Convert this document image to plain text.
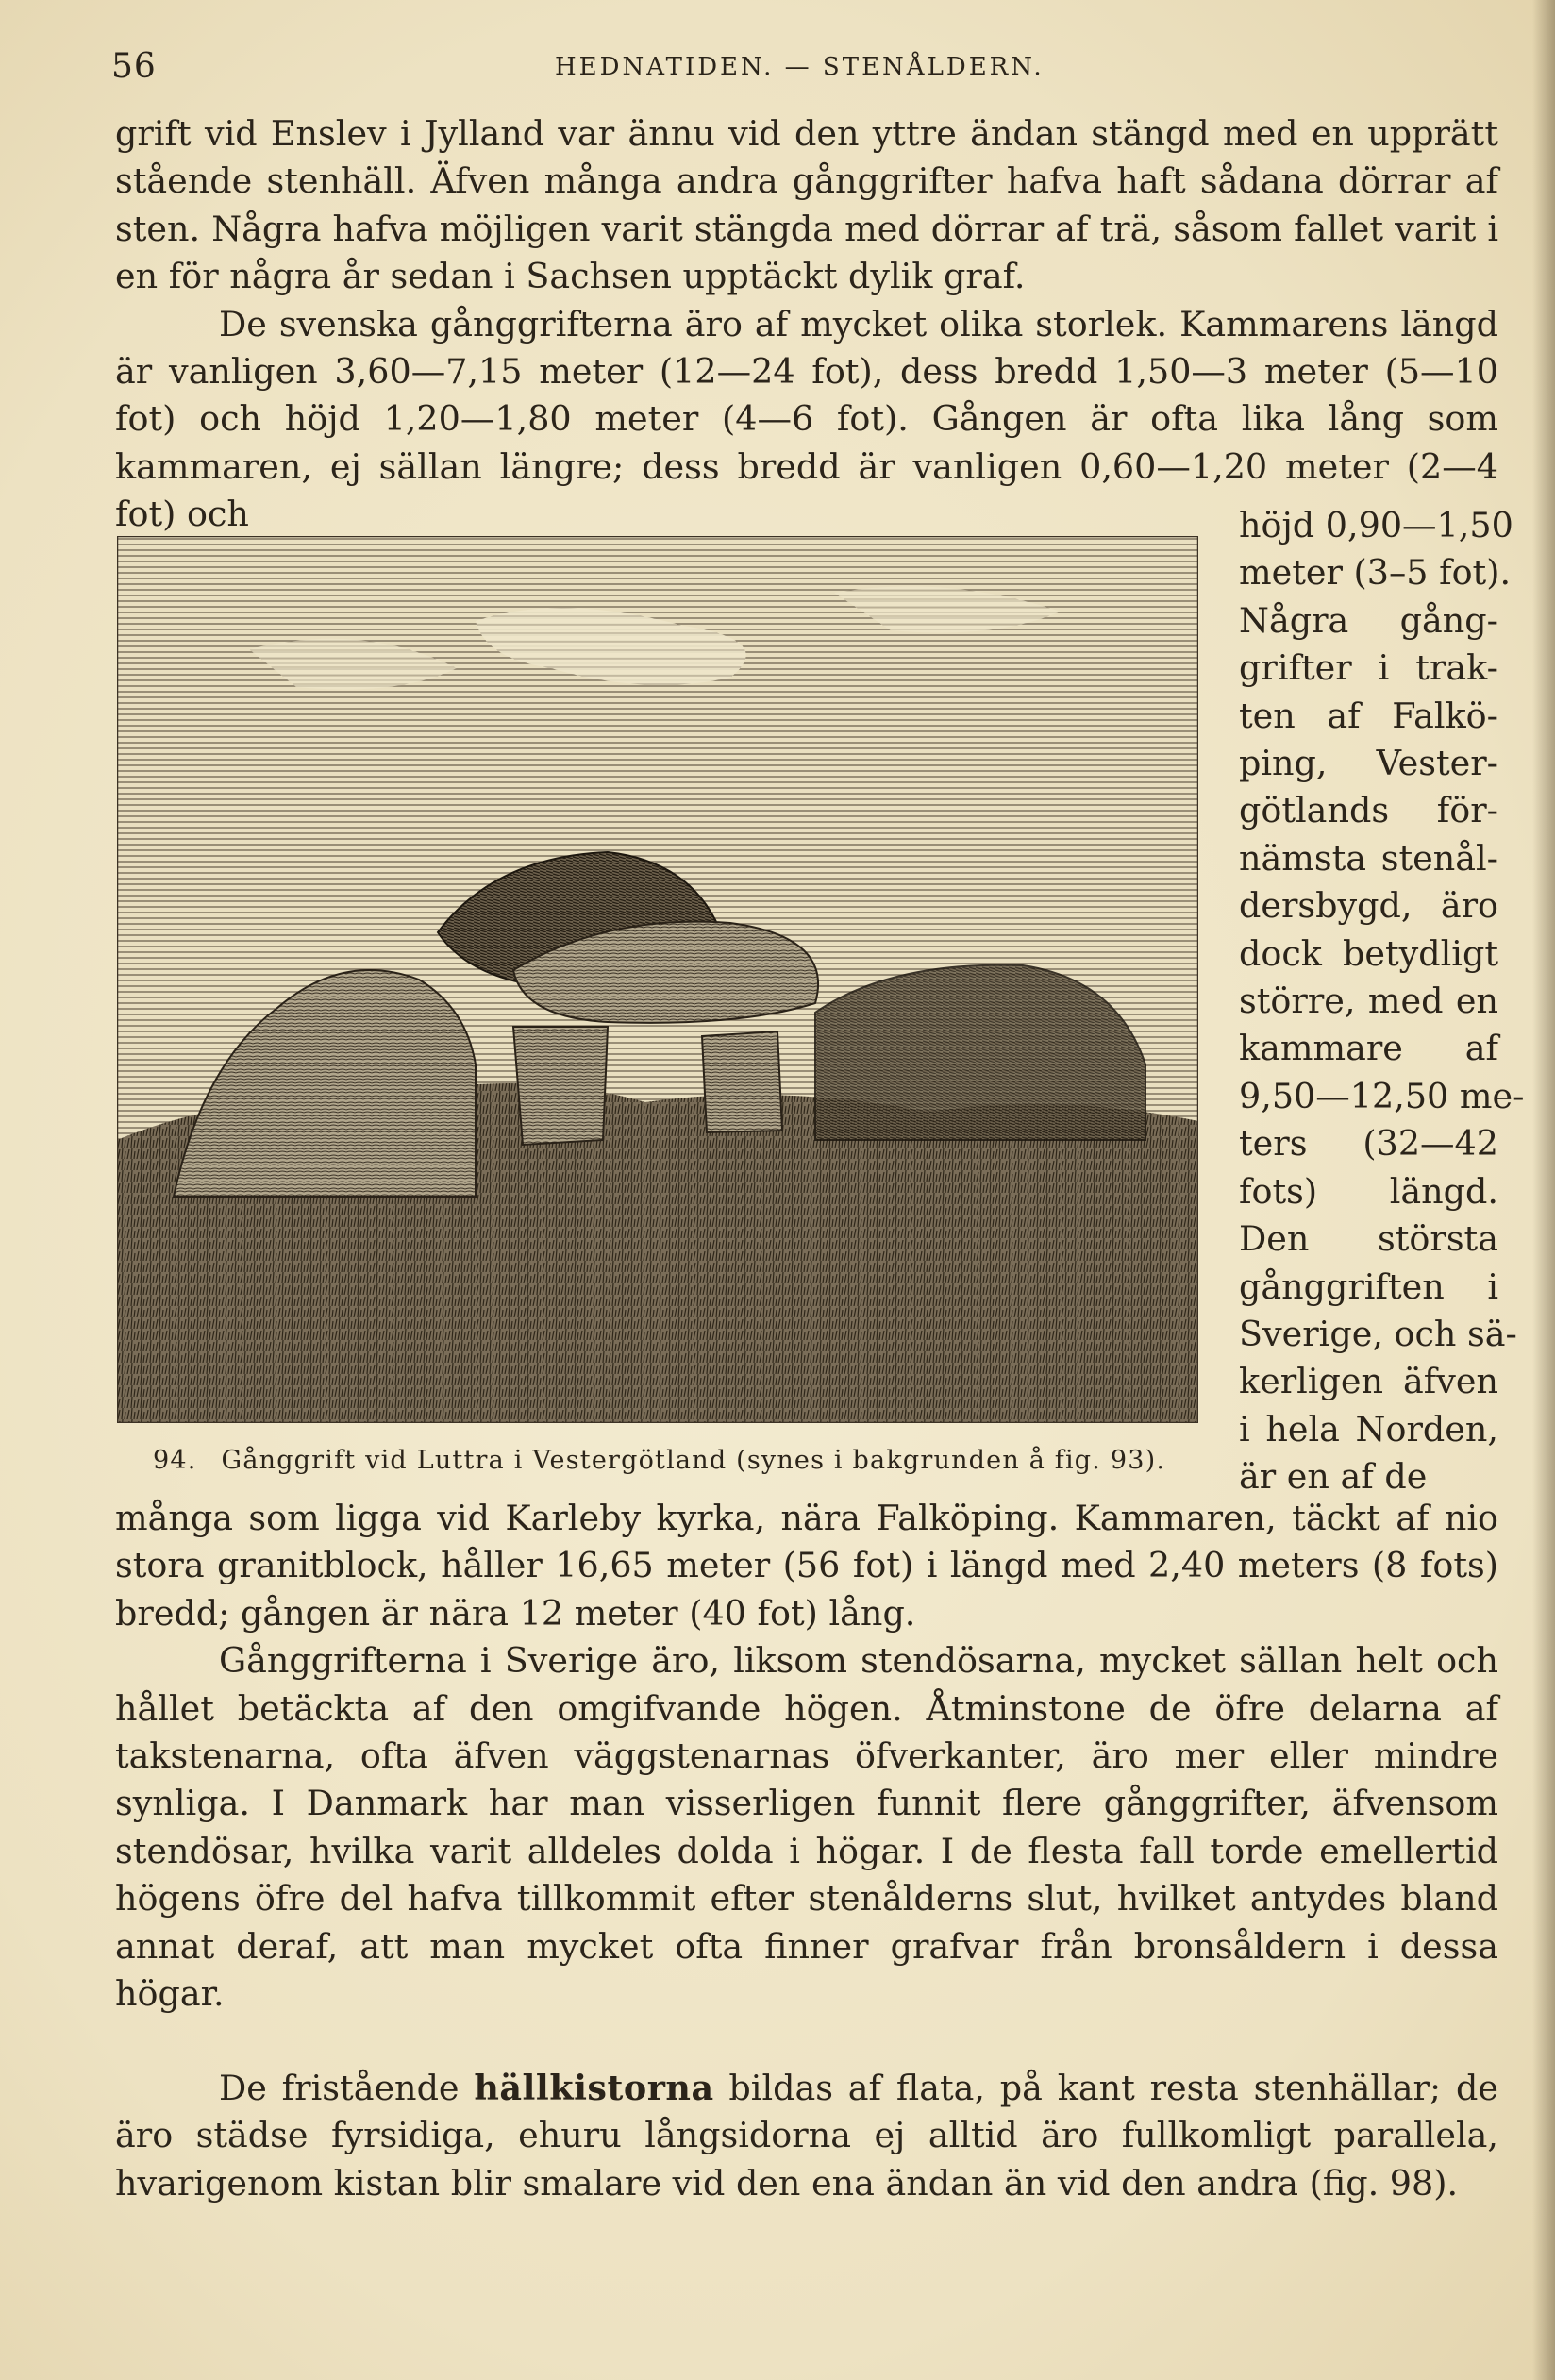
56	HEDNATIDEN. — STENÅLDERN.

grift vid Enslev i Jylland var ännu vid den yttre ändan stängd med en upprätt stående stenhäll. Äfven många andra gånggrifter hafva haft sådana dörrar af sten. Några hafva möjligen varit stängda med dörrar af trä, såsom fallet varit i en för några år sedan i Sachsen upptäckt dylik graf.

De svenska gånggrifterna äro af mycket olika storlek. Kammarens längd är vanligen 3,60—7,15 meter (12—24 fot), dess bredd 1,50—3 meter (5—10 fot) och höjd 1,20—1,80 meter (4—6 fot). Gången är ofta lika lång som kammaren, ej sällan längre; dess bredd är vanligen 0,60—1,20 meter (2—4 fot) och	höjd 0,90—1,50
meter (3–5 fot).
Några gång-
grifter i trak-
ten af Falkö-
ping, Vester-
götlands för-
nämsta stenål-
dersbygd, äro
dock betydligt
större, med en
kammare af
9,50—12,50 me-
ters (32—42
fots) längd.
Den största
gånggriften i
Sverige, och sä-
kerligen äfven
i hela Norden,
är en af de
94. Gånggrift vid Luttra i Vestergötland (synes i bakgrunden å fig. 93).

många som ligga vid Karleby kyrka, nära Falköping. Kammaren, täckt af nio stora granitblock, håller 16,65 meter (56 fot) i längd med 2,40 meters (8 fots) bredd; gången är nära 12 meter (40 fot) lång.

Gånggrifterna i Sverige äro, liksom stendösarna, mycket sällan helt och hållet betäckta af den omgifvande högen. Åtminstone de öfre delarna af takstenarna, ofta äfven väggstenarnas öfverkanter, äro mer eller mindre synliga. I Danmark har man visserligen funnit flere gånggrifter, äfvensom stendösar, hvilka varit alldeles dolda i högar. I de flesta fall torde emellertid högens öfre del hafva tillkommit efter stenålderns slut, hvilket antydes bland annat deraf, att man mycket ofta finner grafvar från bronsåldern i dessa högar.

De fristående hällkistorna bildas af flata, på kant resta stenhällar; de äro städse fyrsidiga, ehuru långsidorna ej alltid äro fullkomligt parallela, hvarigenom kistan blir smalare vid den ena ändan än vid den andra (fig. 98).
